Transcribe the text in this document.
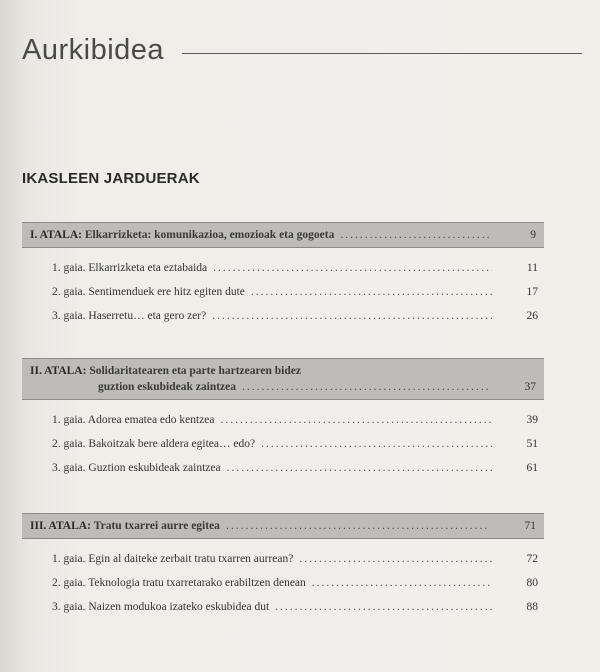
Aurkibidea
IKASLEEN JARDUERAK
I. ATALA:
Elkarrizketa: komunikazioa, emozioak eta gogoeta .....	9
1. gaia. Elkarrizketa eta eztabaida .....	11
2. gaia. Sentimenduek ere hitz egiten dute .....	17
3. gaia. Haserretu… eta gero zer? .....	26
II. ATALA:
Solidaritatearen eta parte hartzearen bidez
guztion eskubideak zaintzea .....	37
1. gaia. Adorea ematea edo kentzea .....	39
2. gaia. Bakoitzak bere aldera egitea… edo? .....	51
3. gaia. Guztion eskubideak zaintzea .....	61
III. ATALA:
Tratu txarrei aurre egitea .....	71
1. gaia. Egin al daiteke zerbait tratu txarren aurrean? .....	72
2. gaia. Teknologia tratu txarretarako erabiltzen denean .....	80
3. gaia. Naizen modukoa izateko eskubidea dut .....	88
